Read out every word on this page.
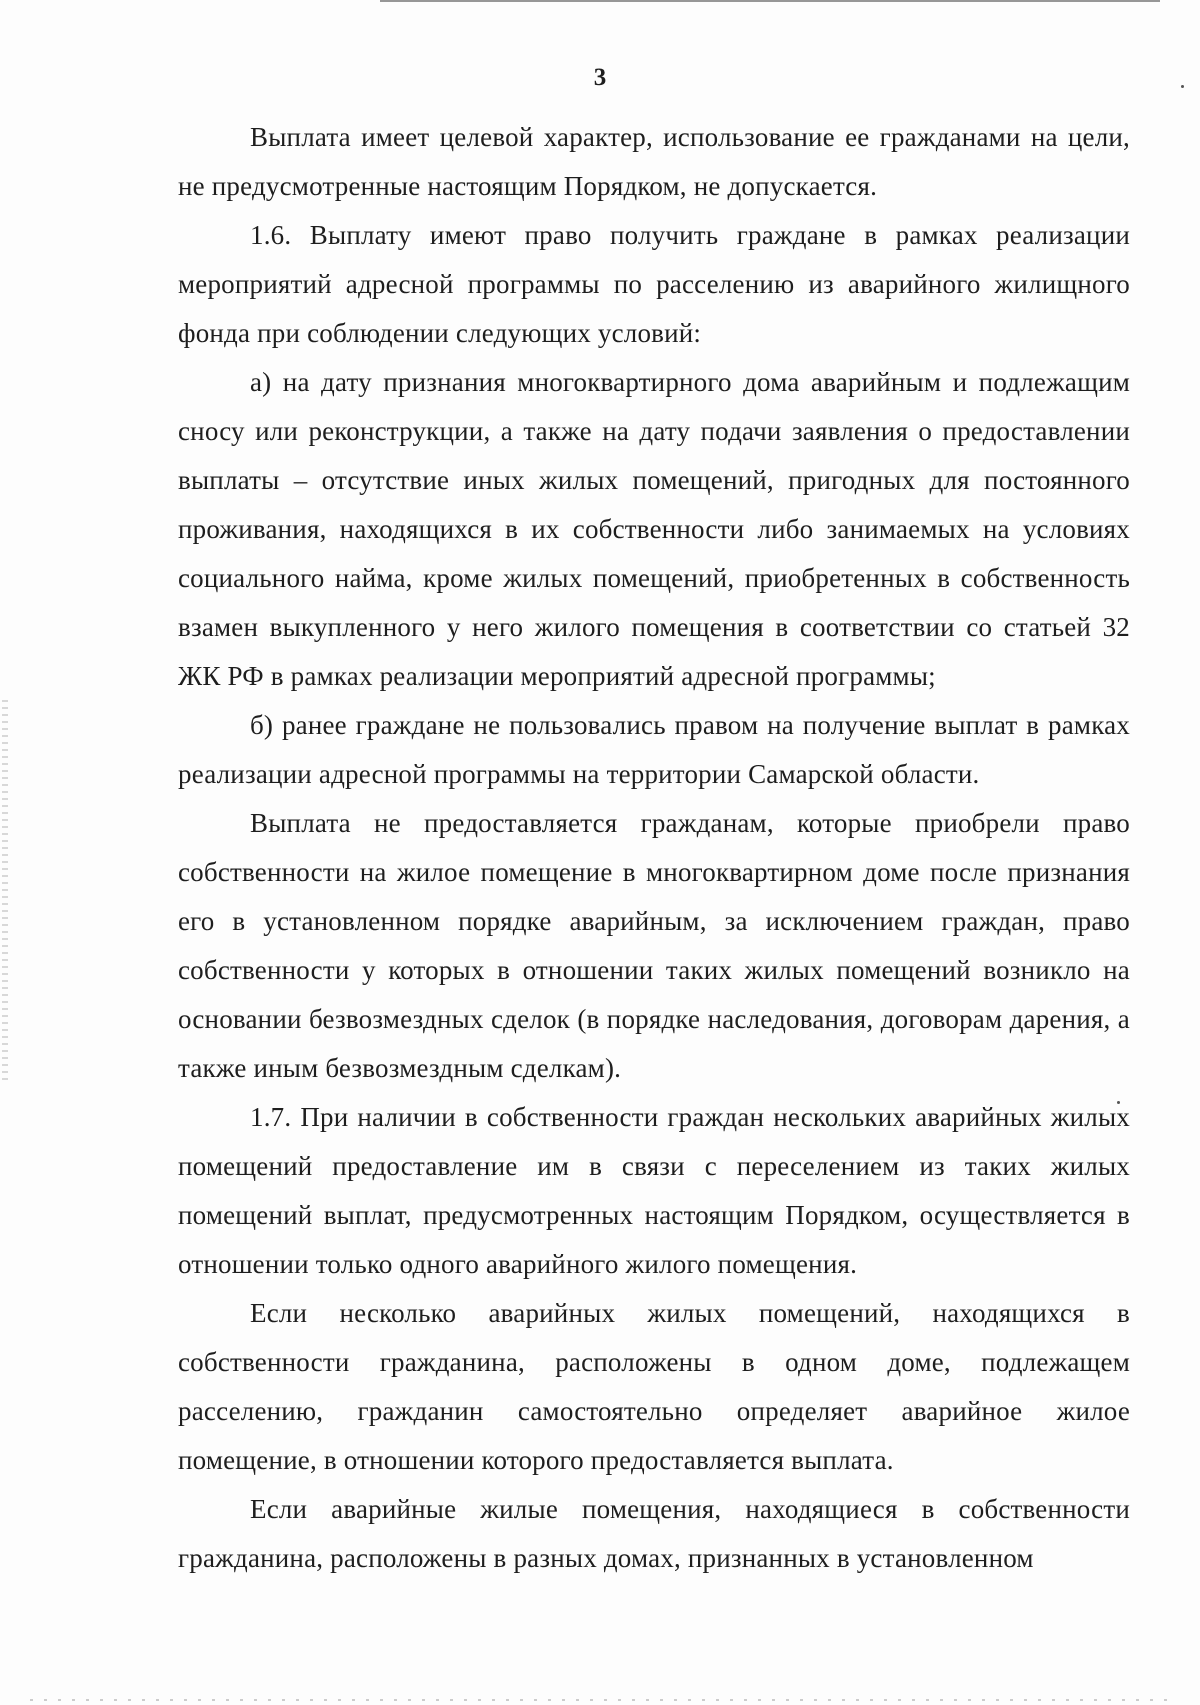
3

Выплата имеет целевой характер, использование ее гражданами на цели, не предусмотренные настоящим Порядком, не допускается.

1.6. Выплату имеют право получить граждане в рамках реализации мероприятий адресной программы по расселению из аварийного жилищного фонда при соблюдении следующих условий:

а) на дату признания многоквартирного дома аварийным и подлежащим сносу или реконструкции, а также на дату подачи заявления о предоставлении выплаты – отсутствие иных жилых помещений, пригодных для постоянного проживания, находящихся в их собственности либо занимаемых на условиях социального найма, кроме жилых помещений, приобретенных в собственность взамен выкупленного у него жилого помещения в соответствии со статьей 32 ЖК РФ в рамках реализации мероприятий адресной программы;

б) ранее граждане не пользовались правом на получение выплат в рамках реализации адресной программы на территории Самарской области.

Выплата не предоставляется гражданам, которые приобрели право собственности на жилое помещение в многоквартирном доме после признания его в установленном порядке аварийным, за исключением граждан, право собственности у которых в отношении таких жилых помещений возникло на основании безвозмездных сделок (в порядке наследования, договорам дарения, а также иным безвозмездным сделкам).

1.7. При наличии в собственности граждан нескольких аварийных жилых помещений предоставление им в связи с переселением из таких жилых помещений выплат, предусмотренных настоящим Порядком, осуществляется в отношении только одного аварийного жилого помещения.

Если несколько аварийных жилых помещений, находящихся в собственности гражданина, расположены в одном доме, подлежащем расселению, гражданин самостоятельно определяет аварийное жилое помещение, в отношении которого предоставляется выплата.

Если аварийные жилые помещения, находящиеся в собственности гражданина, расположены в разных домах, признанных в установленном
